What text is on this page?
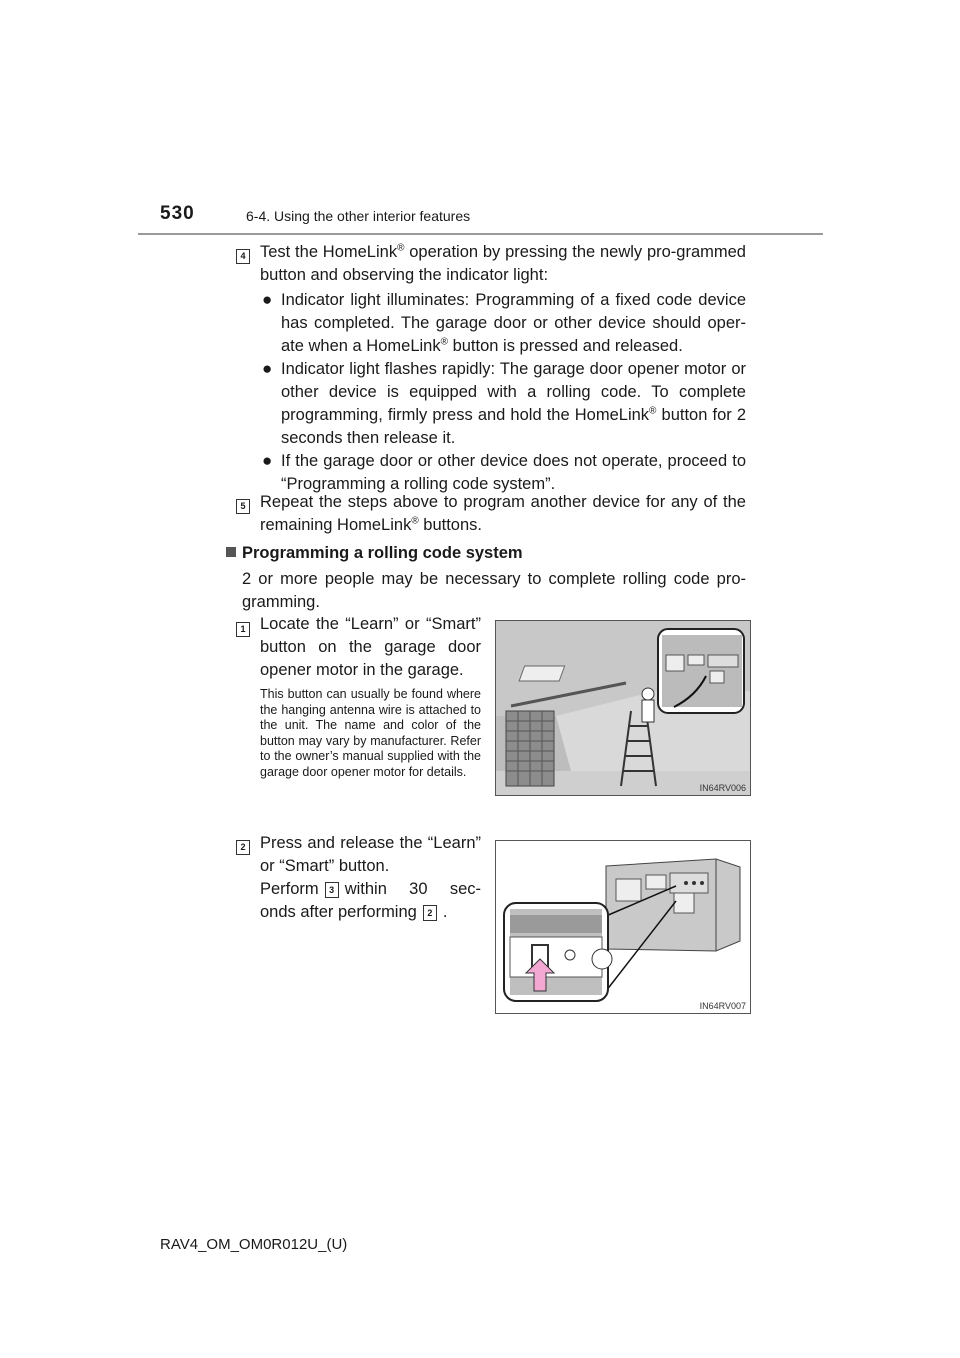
530	6-4. Using the other interior features
4 Test the HomeLink® operation by pressing the newly pro-grammed button and observing the indicator light:
● Indicator light illuminates: Programming of a fixed code device has completed. The garage door or other device should oper-ate when a HomeLink® button is pressed and released.
● Indicator light flashes rapidly: The garage door opener motor or other device is equipped with a rolling code. To complete programming, firmly press and hold the HomeLink® button for 2 seconds then release it.
● If the garage door or other device does not operate, proceed to “Programming a rolling code system”.
5 Repeat the steps above to program another device for any of the remaining HomeLink® buttons.
Programming a rolling code system
2 or more people may be necessary to complete rolling code pro-gramming.
1 Locate the “Learn” or “Smart” button on the garage door opener motor in the garage.
This button can usually be found where the hanging antenna wire is attached to the unit. The name and color of the button may vary by manufacturer. Refer to the owner’s manual supplied with the garage door opener motor for details.
IN64RV006
2 Press and release the “Learn” or “Smart” button.
Perform 3 within 30 sec-onds after performing 2 .
IN64RV007
RAV4_OM_OM0R012U_(U)
